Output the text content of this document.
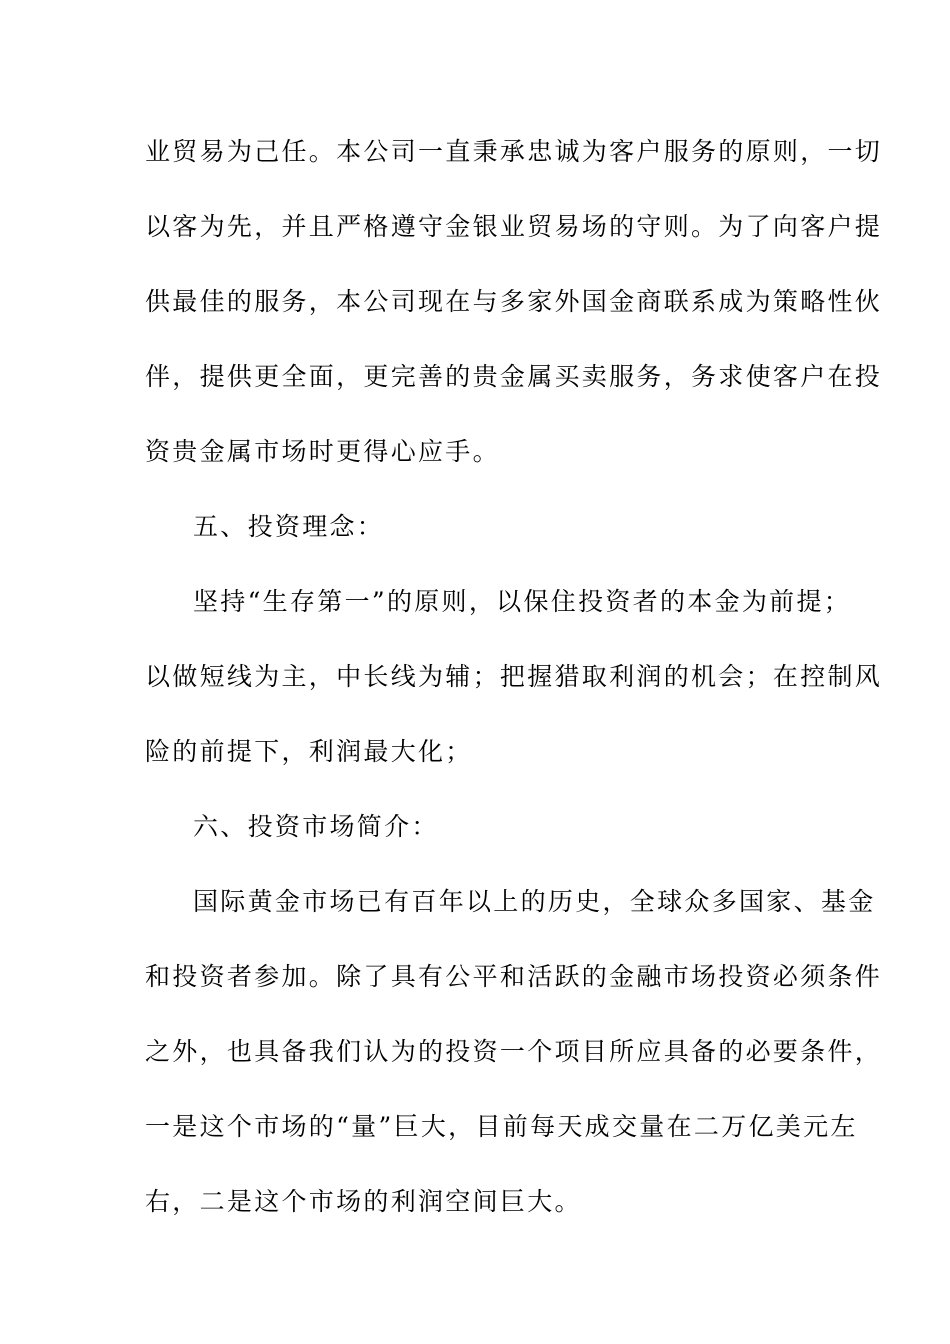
业贸易为己任。本公司一直秉承忠诚为客户服务的原则，一切
以客为先，并且严格遵守金银业贸易场的守则。为了向客户提
供最佳的服务，本公司现在与多家外国金商联系成为策略性伙
伴，提供更全面，更完善的贵金属买卖服务，务求使客户在投
资贵金属市场时更得心应手。
五、投资理念：
坚持“生存第一”的原则，以保住投资者的本金为前提；
以做短线为主，中长线为辅；把握猎取利润的机会；在控制风
险的前提下，利润最大化；
六、投资市场简介：
国际黄金市场已有百年以上的历史，全球众多国家、基金
和投资者参加。除了具有公平和活跃的金融市场投资必须条件
之外，也具备我们认为的投资一个项目所应具备的必要条件，
一是这个市场的“量”巨大，目前每天成交量在二万亿美元左
右，二是这个市场的利润空间巨大。
